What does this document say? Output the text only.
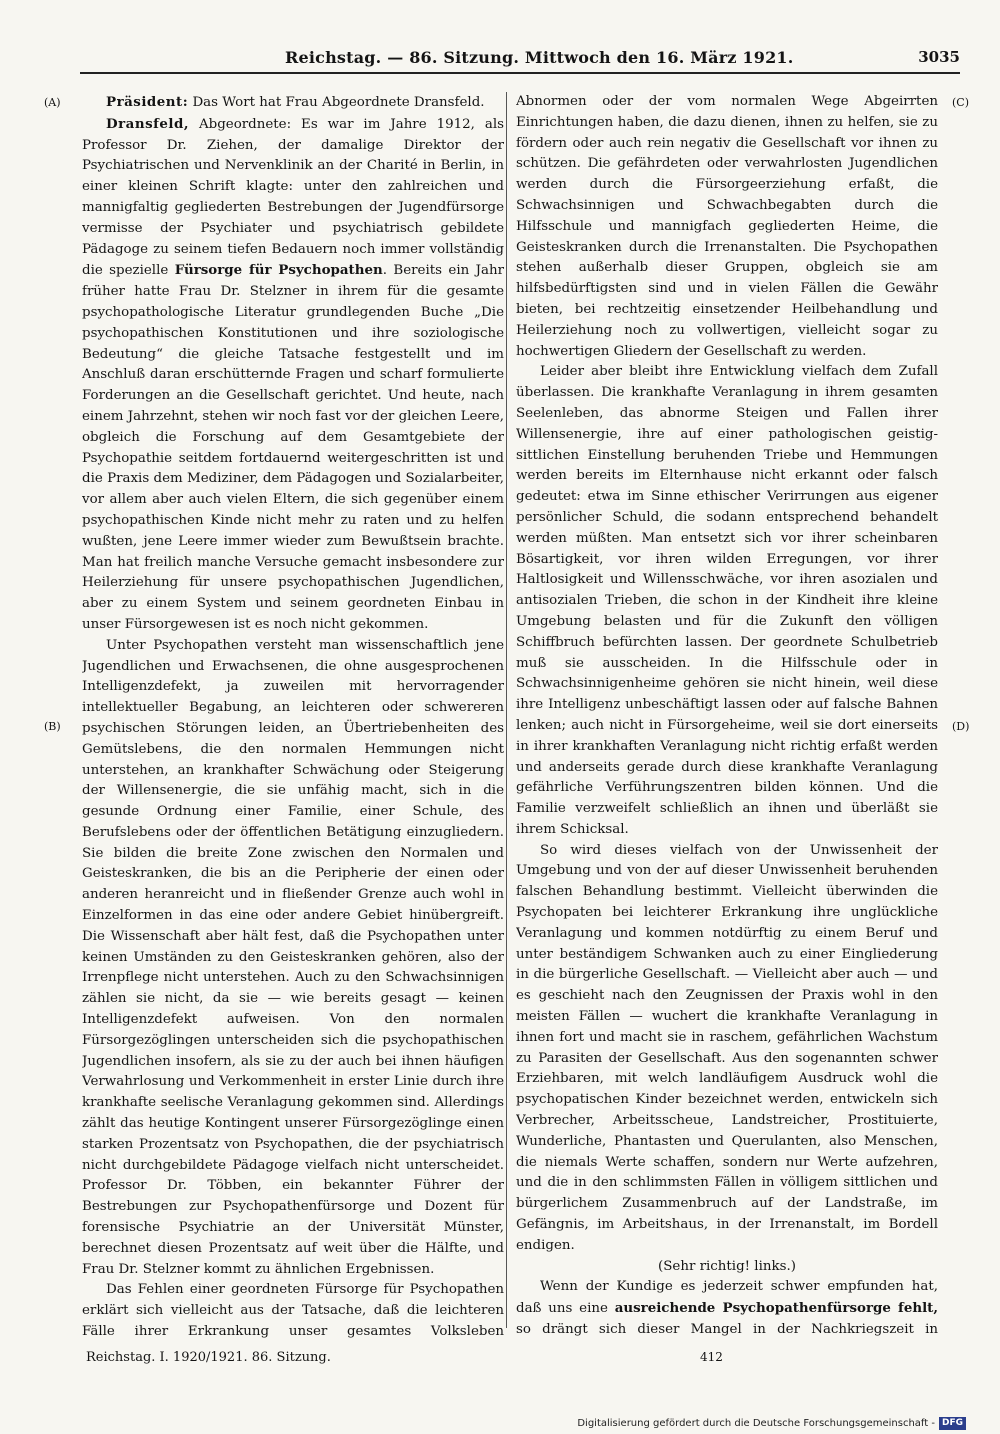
Reichstag. — 86. Sitzung. Mittwoch den 16. März 1921.	3035
(A)
(B)
(C)
(D)

Präsident: Das Wort hat Frau Abgeordnete Dransfeld.

Dransfeld, Abgeordnete: Es war im Jahre 1912, als Professor Dr. Ziehen, der damalige Direktor der Psychiatrischen und Nervenklinik an der Charité in Berlin, in einer kleinen Schrift klagte: unter den zahlreichen und mannigfaltig gegliederten Bestrebungen der Jugendfürsorge vermisse der Psychiater und psychiatrisch gebildete Pädagoge zu seinem tiefen Bedauern noch immer vollständig die spezielle Fürsorge für Psychopathen. Bereits ein Jahr früher hatte Frau Dr. Stelzner in ihrem für die gesamte psychopathologische Literatur grundlegenden Buche „Die psychopathischen Konstitutionen und ihre soziologische Bedeutung“ die gleiche Tatsache festgestellt und im Anschluß daran erschütternde Fragen und scharf formulierte Forderungen an die Gesellschaft gerichtet. Und heute, nach einem Jahrzehnt, stehen wir noch fast vor der gleichen Leere, obgleich die Forschung auf dem Gesamtgebiete der Psychopathie seitdem fortdauernd weitergeschritten ist und die Praxis dem Mediziner, dem Pädagogen und Sozialarbeiter, vor allem aber auch vielen Eltern, die sich gegenüber einem psychopathischen Kinde nicht mehr zu raten und zu helfen wußten, jene Leere immer wieder zum Bewußtsein brachte. Man hat freilich manche Versuche gemacht insbesondere zur Heilerziehung für unsere psychopathischen Jugendlichen, aber zu einem System und seinem geordneten Einbau in unser Fürsorgewesen ist es noch nicht gekommen.

Unter Psychopathen versteht man wissenschaftlich jene Jugendlichen und Erwachsenen, die ohne ausgesprochenen Intelligenzdefekt, ja zuweilen mit hervorragender intellektueller Begabung, an leichteren oder schwereren psychischen Störungen leiden, an Übertriebenheiten des Gemütslebens, die den normalen Hemmungen nicht unterstehen, an krankhafter Schwächung oder Steigerung der Willensenergie, die sie unfähig macht, sich in die gesunde Ordnung einer Familie, einer Schule, des Berufslebens oder der öffentlichen Betätigung einzugliedern. Sie bilden die breite Zone zwischen den Normalen und Geisteskranken, die bis an die Peripherie der einen oder anderen heranreicht und in fließender Grenze auch wohl in Einzelformen in das eine oder andere Gebiet hinübergreift. Die Wissenschaft aber hält fest, daß die Psychopathen unter keinen Umständen zu den Geisteskranken gehören, also der Irrenpflege nicht unterstehen. Auch zu den Schwachsinnigen zählen sie nicht, da sie — wie bereits gesagt — keinen Intelligenzdefekt aufweisen. Von den normalen Fürsorgezöglingen unterscheiden sich die psychopathischen Jugendlichen insofern, als sie zu der auch bei ihnen häufigen Verwahrlosung und Verkommenheit in erster Linie durch ihre krankhafte seelische Veranlagung gekommen sind. Allerdings zählt das heutige Kontingent unserer Fürsorgezöglinge einen starken Prozentsatz von Psychopathen, die der psychiatrisch nicht durchgebildete Pädagoge vielfach nicht unterscheidet. Professor Dr. Többen, ein bekannter Führer der Bestrebungen zur Psychopathenfürsorge und Dozent für forensische Psychiatrie an der Universität Münster, berechnet diesen Prozentsatz auf weit über die Hälfte, und Frau Dr. Stelzner kommt zu ähnlichen Ergebnissen.

Das Fehlen einer geordneten Fürsorge für Psychopathen erklärt sich vielleicht aus der Tatsache, daß die leichteren Fälle ihrer Erkrankung unser gesamtes Volksleben

Abnormen oder der vom normalen Wege Abgeirrten Einrichtungen haben, die dazu dienen, ihnen zu helfen, sie zu fördern oder auch rein negativ die Gesellschaft vor ihnen zu schützen. Die gefährdeten oder verwahrlosten Jugendlichen werden durch die Fürsorgeerziehung erfaßt, die Schwachsinnigen und Schwachbegabten durch die Hilfsschule und mannigfach gegliederten Heime, die Geisteskranken durch die Irrenanstalten. Die Psychopathen stehen außerhalb dieser Gruppen, obgleich sie am hilfsbedürftigsten sind und in vielen Fällen die Gewähr bieten, bei rechtzeitig einsetzender Heilbehandlung und Heilerziehung noch zu vollwertigen, vielleicht sogar zu hochwertigen Gliedern der Gesellschaft zu werden.

Leider aber bleibt ihre Entwicklung vielfach dem Zufall überlassen. Die krankhafte Veranlagung in ihrem gesamten Seelenleben, das abnorme Steigen und Fallen ihrer Willensenergie, ihre auf einer pathologischen geistig-sittlichen Einstellung beruhenden Triebe und Hemmungen werden bereits im Elternhause nicht erkannt oder falsch gedeutet: etwa im Sinne ethischer Verirrungen aus eigener persönlicher Schuld, die sodann entsprechend behandelt werden müßten. Man entsetzt sich vor ihrer scheinbaren Bösartigkeit, vor ihren wilden Erregungen, vor ihrer Haltlosigkeit und Willensschwäche, vor ihren asozialen und antisozialen Trieben, die schon in der Kindheit ihre kleine Umgebung belasten und für die Zukunft den völligen Schiffbruch befürchten lassen. Der geordnete Schulbetrieb muß sie ausscheiden. In die Hilfsschule oder in Schwachsinnigenheime gehören sie nicht hinein, weil diese ihre Intelligenz unbeschäftigt lassen oder auf falsche Bahnen lenken; auch nicht in Fürsorgeheime, weil sie dort einerseits in ihrer krankhaften Veranlagung nicht richtig erfaßt werden und anderseits gerade durch diese krankhafte Veranlagung gefährliche Verführungszentren bilden können. Und die Familie verzweifelt schließlich an ihnen und überläßt sie ihrem Schicksal.

So wird dieses vielfach von der Unwissenheit der Umgebung und von der auf dieser Unwissenheit beruhenden falschen Behandlung bestimmt. Vielleicht überwinden die Psychopaten bei leichterer Erkrankung ihre unglückliche Veranlagung und kommen notdürftig zu einem Beruf und unter beständigem Schwanken auch zu einer Eingliederung in die bürgerliche Gesellschaft. — Vielleicht aber auch — und es geschieht nach den Zeugnissen der Praxis wohl in den meisten Fällen — wuchert die krankhafte Veranlagung in ihnen fort und macht sie in raschem, gefährlichen Wachstum zu Parasiten der Gesellschaft. Aus den sogenannten schwer Erziehbaren, mit welch landläufigem Ausdruck wohl die psychopatischen Kinder bezeichnet werden, entwickeln sich Verbrecher, Arbeitsscheue, Landstreicher, Prostituierte, Wunderliche, Phantasten und Querulanten, also Menschen, die niemals Werte schaffen, sondern nur Werte aufzehren, und die in den schlimmsten Fällen in völligem sittlichen und bürgerlichem Zusammenbruch auf der Landstraße, im Gefängnis, im Arbeitshaus, in der Irrenanstalt, im Bordell endigen.

(Sehr richtig! links.)

Wenn der Kundige es jederzeit schwer empfunden hat, daß uns eine ausreichende Psychopathenfürsorge fehlt, so drängt sich dieser Mangel in der Nachkriegszeit in

Reichstag. I. 1920/1921. 86. Sitzung.	412
Digitalisierung gefördert durch die Deutsche Forschungsgemeinschaft - DFG
